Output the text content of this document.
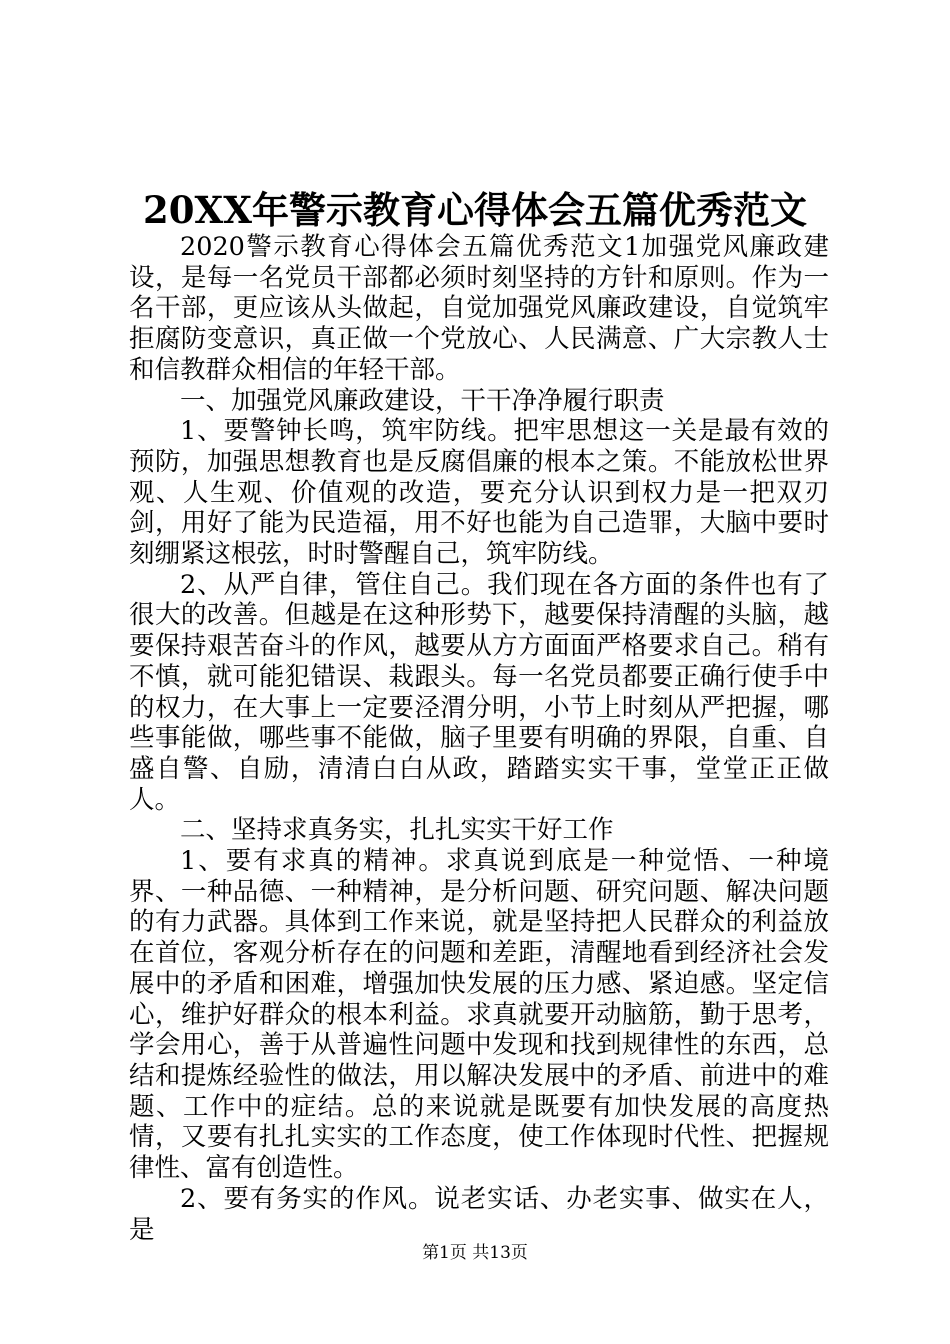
20XX年警示教育心得体会五篇优秀范文

2020警示教育心得体会五篇优秀范文1加强党风廉政建设，是每一名党员干部都必须时刻坚持的方针和原则。作为一名干部，更应该从头做起，自觉加强党风廉政建设，自觉筑牢拒腐防变意识，真正做一个党放心、人民满意、广大宗教人士和信教群众相信的年轻干部。

一、加强党风廉政建设，干干净净履行职责

1、要警钟长鸣，筑牢防线。把牢思想这一关是最有效的预防，加强思想教育也是反腐倡廉的根本之策。不能放松世界观、人生观、价值观的改造，要充分认识到权力是一把双刃剑，用好了能为民造福，用不好也能为自己造罪，大脑中要时刻绷紧这根弦，时时警醒自己，筑牢防线。

2、从严自律，管住自己。我们现在各方面的条件也有了很大的改善。但越是在这种形势下，越要保持清醒的头脑，越要保持艰苦奋斗的作风，越要从方方面面严格要求自己。稍有不慎，就可能犯错误、栽跟头。每一名党员都要正确行使手中的权力，在大事上一定要泾渭分明，小节上时刻从严把握，哪些事能做，哪些事不能做，脑子里要有明确的界限，自重、自盛自警、自励，清清白白从政，踏踏实实干事，堂堂正正做人。

二、坚持求真务实，扎扎实实干好工作

1、要有求真的精神。求真说到底是一种觉悟、一种境界、一种品德、一种精神，是分析问题、研究问题、解决问题的有力武器。具体到工作来说，就是坚持把人民群众的利益放在首位，客观分析存在的问题和差距，清醒地看到经济社会发展中的矛盾和困难，增强加快发展的压力感、紧迫感。坚定信心，维护好群众的根本利益。求真就要开动脑筋，勤于思考，学会用心，善于从普遍性问题中发现和找到规律性的东西，总结和提炼经验性的做法，用以解决发展中的矛盾、前进中的难题、工作中的症结。总的来说就是既要有加快发展的高度热情，又要有扎扎实实的工作态度，使工作体现时代性、把握规律性、富有创造性。

2、要有务实的作风。说老实话、办老实事、做实在人，是

第1页 共13页
